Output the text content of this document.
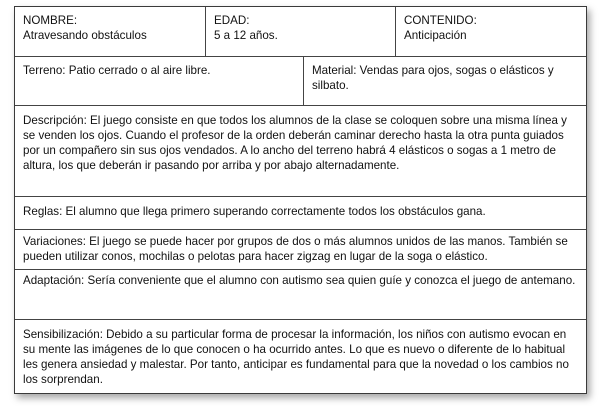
NOMBRE:
Atravesando obstáculos
EDAD:
5 a 12 años.
CONTENIDO:
Anticipación
Terreno: Patio cerrado o al aire libre.	Material: Vendas para ojos, sogas o elásticos y silbato.
Descripción: El juego consiste en que todos los alumnos de la clase se coloquen sobre una misma línea y se venden los ojos. Cuando el profesor de la orden deberán caminar derecho hasta la otra punta guiados por un compañero sin sus ojos vendados. A lo ancho del terreno habrá 4 elásticos o sogas a 1 metro de altura, los que deberán ir pasando por arriba y por abajo alternadamente.
Reglas: El alumno que llega primero superando correctamente todos los obstáculos gana.
Variaciones: El juego se puede hacer por grupos de dos o más alumnos unidos de las manos. También se pueden utilizar conos, mochilas o pelotas para hacer zigzag en lugar de la soga o elástico.
Adaptación: Sería conveniente que el alumno con autismo sea quien guíe y conozca el juego de antemano.
Sensibilización: Debido a su particular forma de procesar la información, los niños con autismo evocan en su mente las imágenes de lo que conocen o ha ocurrido antes. Lo que es nuevo o diferente de lo habitual les genera ansiedad y malestar. Por tanto, anticipar es fundamental para que la novedad o los cambios no los sorprendan.
